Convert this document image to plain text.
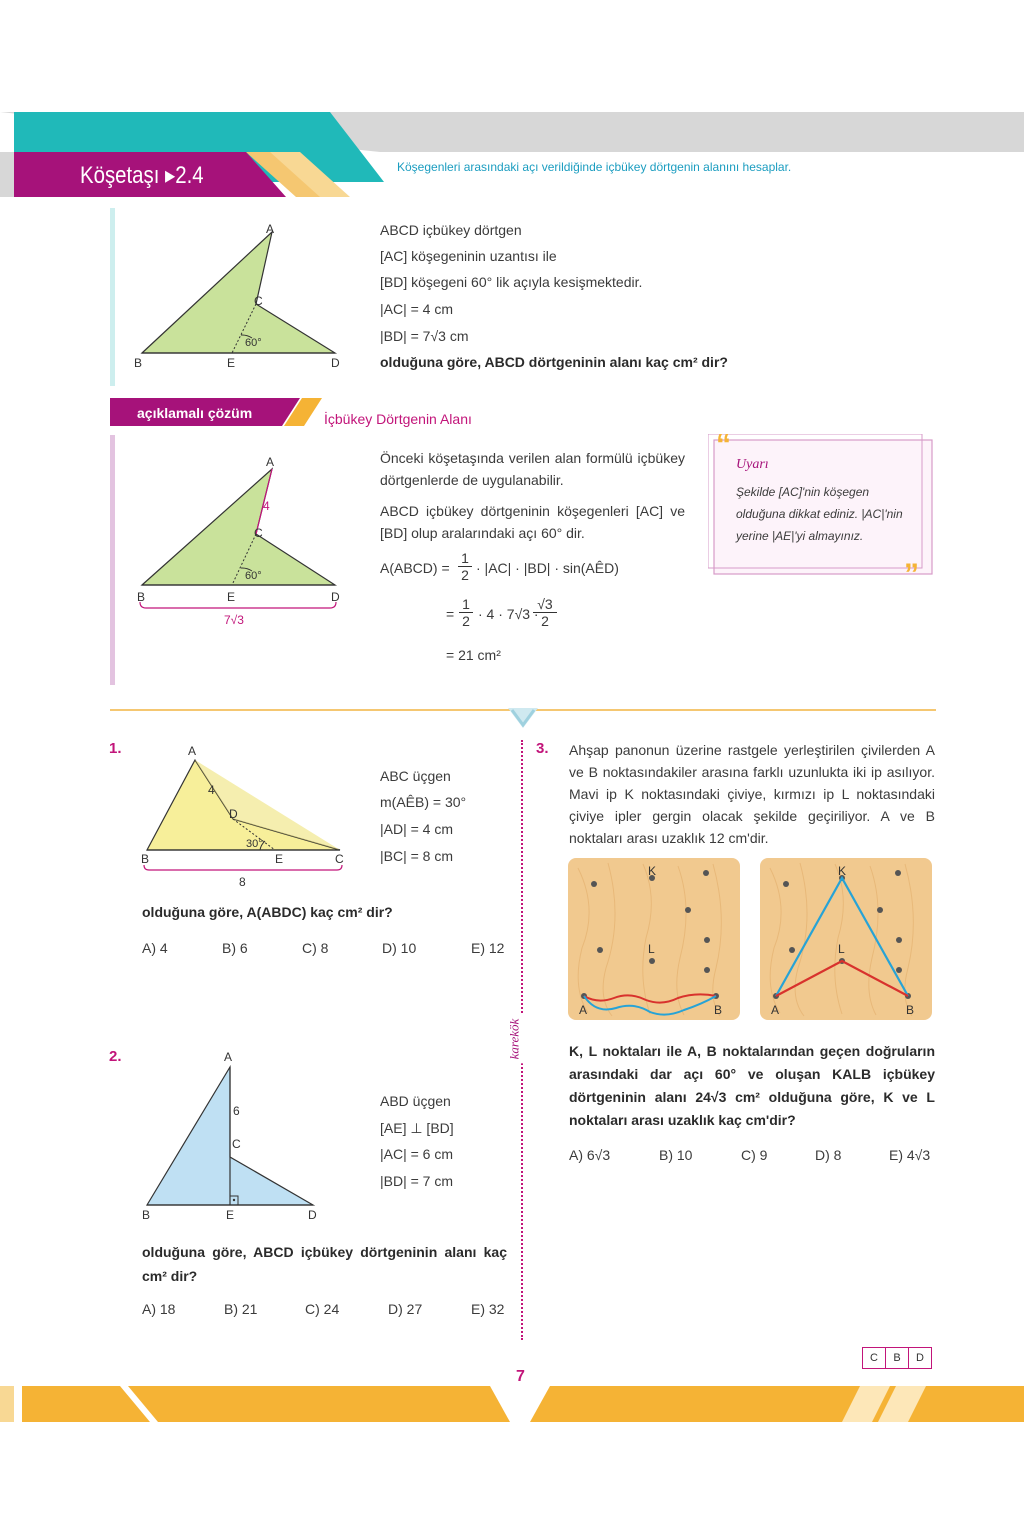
Köşetaşı ▸2.4	Köşegenleri arasındaki açı verildiğinde içbükey dörtgenin alanını hesaplar.
A
B
C
D
E
60°
ABCD içbükey dörtgen
[AC] köşegeninin uzantısı ile
[BD] köşegeni 60° lik açıyla kesişmektedir.
|AC| = 4 cm
|BD| = 7√3 cm
olduğuna göre, ABCD dörtgeninin alanı kaç cm² dir?
açıklamalı çözüm	İçbükey Dörtgenin Alanı
A
B
C
D
E
60°
4
7√3
Önceki köşetaşında verilen alan formülü içbükey dörtgenlerde de uygulanabilir.
ABCD içbükey dörtgeninin köşegenleri [AC] ve [BD] olup aralarındaki açı 60° dir.
A(ABCD) = $\frac{1}{2} \cdot |AC| \cdot |BD|$ · sin(AÊD)
= $\frac{1}{2} \cdot 4 \cdot 7√3$ ·
$\frac{√3}{2}$
= 21 cm²
“
”
Uyarı
Şekilde [AC]'nin köşegen olduğuna dikkat ediniz. |AC|'nin yerine |AE|'yi almayınız.
karekök
1.	A
B	C
D
E
30°
4
8
ABC üçgen
m(AÊB) = 30°
|AD| = 4 cm
|BC| = 8 cm
olduğuna göre, A(ABDC) kaç cm² dir?
A) 4	B) 6	C) 8	D) 10	E) 12
2.	A
B
C
D
E
6
ABD üçgen
[AE] ⊥ [BD]
|AC| = 6 cm
|BD| = 7 cm
olduğuna göre, ABCD içbükey dörtgeninin alanı kaç cm² dir?
A) 18	B) 21	C) 24	D) 27	E) 32
3. Ahşap panonun üzerine rastgele yerleştirilen çivilerden A ve B noktasındakiler arasına farklı uzunlukta iki ip asılıyor. Mavi ip K noktasındaki çiviye, kırmızı ip L noktasındaki çiviye ipler gergin olacak şekilde geçiriliyor. A ve B noktaları arası uzaklık 12 cm'dir.
K
L
A	B
K
L
A	B
K, L noktaları ile A, B noktalarından geçen doğruların arasındaki dar açı 60° ve oluşan KALB içbükey dörtgeninin alanı 24√3 cm² olduğuna göre, K ve L noktaları arası uzaklık kaç cm'dir?
A) 6√3	B) 10	C) 9	D) 8	E) 4√3
C	B	D
7
